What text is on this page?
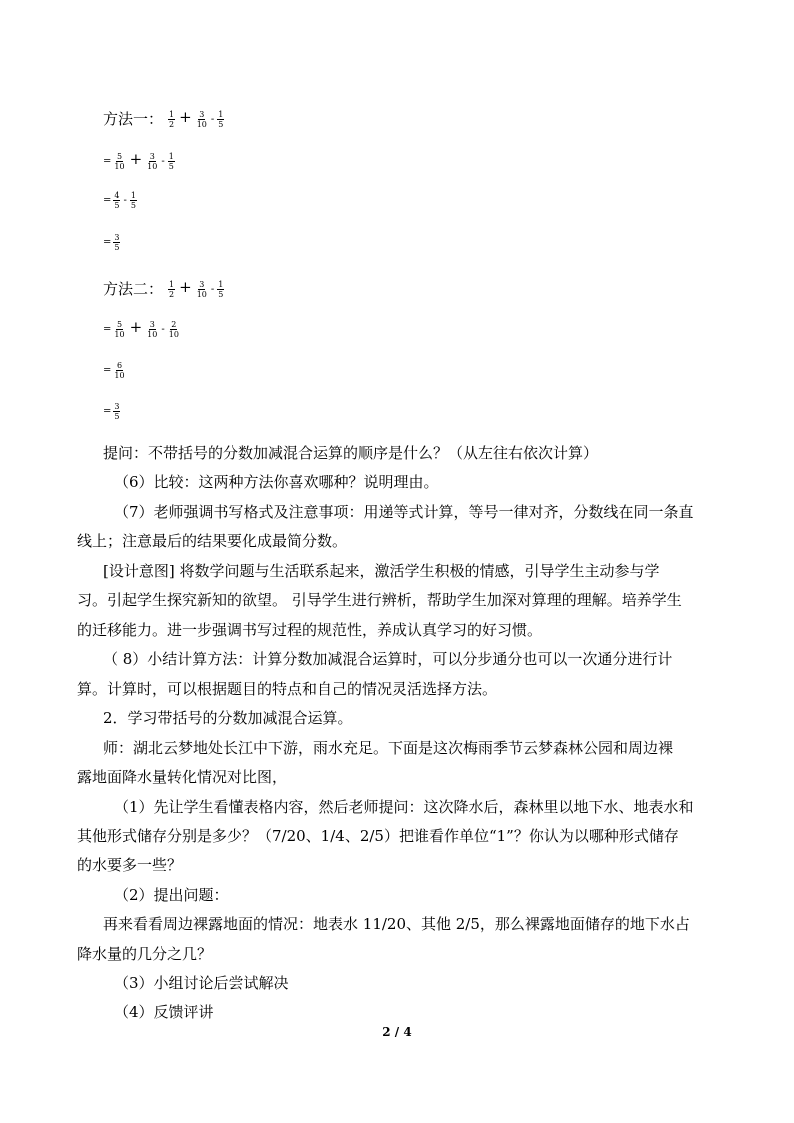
方法一： $\frac{1}{2} + \frac{3}{10} - \frac{1}{5}$
= $\frac{5}{10} + \frac{3}{10} - \frac{1}{5}$
= $\frac{4}{5} - \frac{1}{5}$
= $\frac{3}{5}$
方法二： $\frac{1}{2} + \frac{3}{10} - \frac{1}{5}$
= $\frac{5}{10} + \frac{3}{10} - \frac{2}{10}$
= $\frac{6}{10}$
= $\frac{3}{5}$
提问：不带括号的分数加减混合运算的顺序是什么？（从左往右依次计算）
（6）比较：这两种方法你喜欢哪种？说明理由。
（7）老师强调书写格式及注意事项：用递等式计算，等号一律对齐，分数线在同一条直
线上；注意最后的结果要化成最简分数。
[设计意图] 将数学问题与生活联系起来，激活学生积极的情感，引导学生主动参与学
习。引起学生探究新知的欲望。 引导学生进行辨析，帮助学生加深对算理的理解。培养学生
的迁移能力。进一步强调书写过程的规范性，养成认真学习的好习惯。
（ 8）小结计算方法：计算分数加减混合运算时，可以分步通分也可以一次通分进行计
算。计算时，可以根据题目的特点和自己的情况灵活选择方法。
2．学习带括号的分数加减混合运算。
师：湖北云梦地处长江中下游，雨水充足。下面是这次梅雨季节云梦森林公园和周边裸
露地面降水量转化情况对比图，
（1）先让学生看懂表格内容，然后老师提问：这次降水后，森林里以地下水、地表水和
其他形式储存分别是多少？（7/20、1/4、2/5）把谁看作单位“1”？你认为以哪种形式储存
的水要多一些？
（2）提出问题：
再来看看周边裸露地面的情况：地表水 11/20、其他 2/5，那么裸露地面储存的地下水占
降水量的几分之几？
（3）小组讨论后尝试解决
（4）反馈评讲
2 / 4
